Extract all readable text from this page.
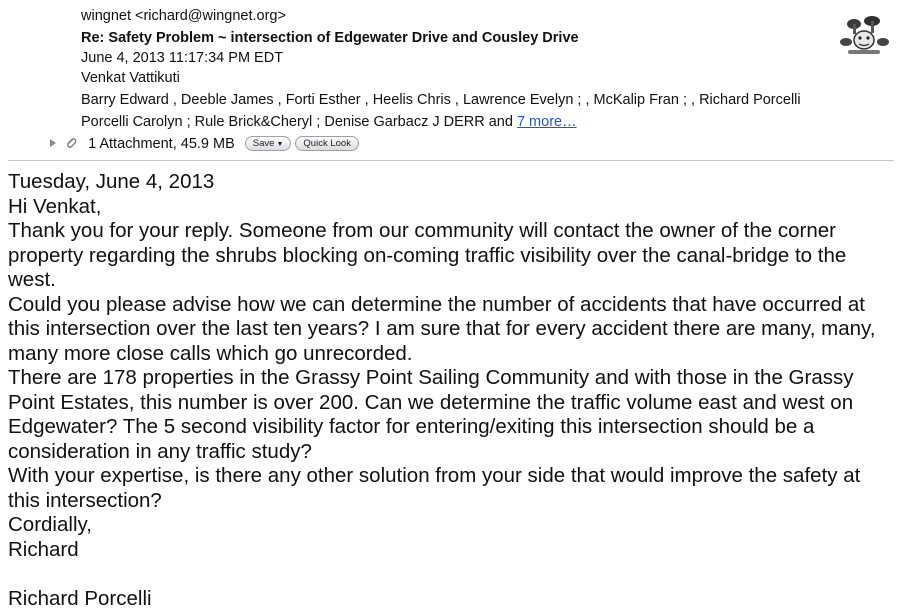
wingnet <richard@wingnet.org>
Re: Safety Problem ~ intersection of Edgewater Drive and Cousley Drive
June 4, 2013 11:17:34 PM EDT
Venkat Vattikuti
Barry Edward , Deeble James , Forti Esther , Heelis Chris , Lawrence Evelyn ; , McKalip Fran ; , Richard Porcelli
Porcelli Carolyn ; Rule Brick&Cheryl ; Denise Garbacz J DERR and 7 more…
1 Attachment, 45.9 MB Save ▼ Quick Look

Tuesday, June 4, 2013

Hi Venkat,

Thank you for your reply. Someone from our community will contact the owner of the corner property regarding the shrubs blocking on-coming traffic visibility over the canal-bridge to the west.

Could you please advise how we can determine the number of accidents that have occurred at this intersection over the last ten years? I am sure that for every accident there are many, many, many more close calls which go unrecorded.

There are 178 properties in the Grassy Point Sailing Community and with those in the Grassy Point Estates, this number is over 200. Can we determine the traffic volume east and west on Edgewater? The 5 second visibility factor for entering/exiting this intersection should be a consideration in any traffic study?

With your expertise, is there any other solution from your side that would improve the safety at this intersection?

Cordially,

Richard

Richard Porcelli
